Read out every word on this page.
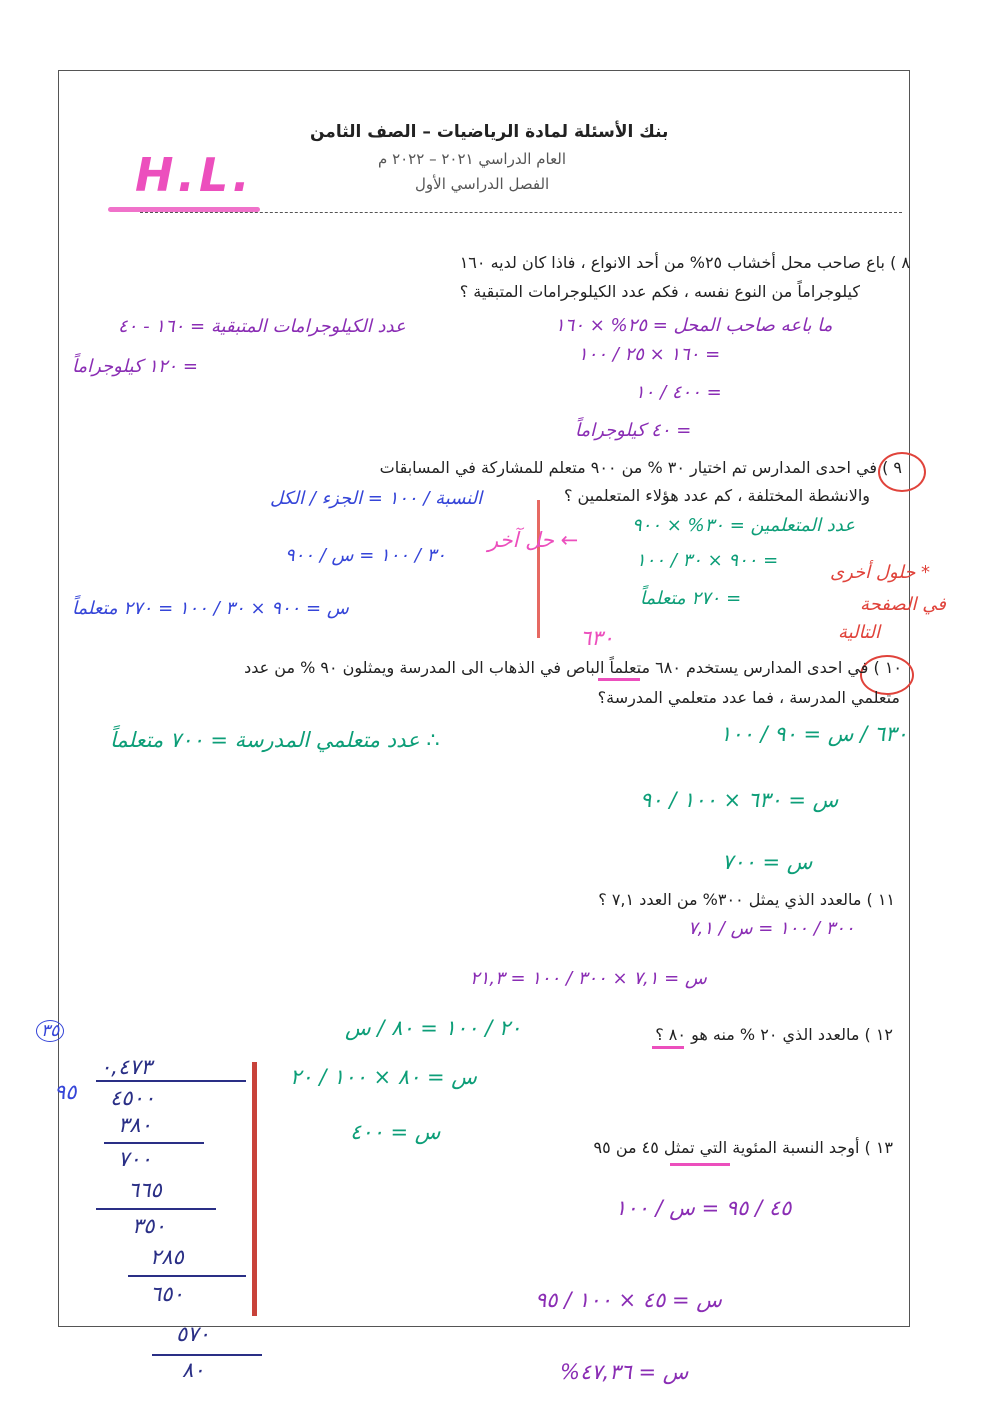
بنك الأسئلة لمادة الرياضيات – الصف الثامن
العام الدراسي ٢٠٢١ – ٢٠٢٢ م
الفصل الدراسي الأول
H.L.
٨ ) باع صاحب محل أخشاب ٢٥% من أحد الانواع ، فاذا كان لديه ١٦٠
كيلوجراماً من النوع نفسه ، فكم عدد الكيلوجرامات المتبقية ؟
ما باعه صاحب المحل = ٢٥% × ١٦٠
١٦٠ × ٢٥ / ١٠٠ =
٤٠٠ / ١٠ =
= ٤٠ كيلوجراماً
عدد الكيلوجرامات المتبقية = ١٦٠ - ٤٠
= ١٢٠ كيلوجراماً
٩ ) في احدى المدارس تم اختيار ٣٠ % من ٩٠٠ متعلم للمشاركة في المسابقات
والانشطة المختلفة ، كم عدد هؤلاء المتعلمين ؟
النسبة / ١٠٠ = الجزء / الكل
٣٠ / ١٠٠ = س / ٩٠٠
س = ٩٠٠ × ٣٠ / ١٠٠ = ٢٧٠ متعلماً
← حل آخر
عدد المتعلمين = ٣٠% × ٩٠٠
٩٠٠ × ٣٠ / ١٠٠ =
= ٢٧٠ متعلماً
* حلول أخرى
في الصفحة
التالية
٦٣٠
١٠ ) في احدى المدارس يستخدم ٦٨٠ متعلماً الباص في الذهاب الى المدرسة ويمثلون ٩٠ % من عدد
متعلمي المدرسة ، فما عدد متعلمي المدرسة؟
٦٣٠ / س = ٩٠ / ١٠٠
س = ٦٣٠ × ١٠٠ / ٩٠
س = ٧٠٠
∴ عدد متعلمي المدرسة = ٧٠٠ متعلماً
١١ ) مالعدد الذي يمثل ٣٠٠% من العدد ٧,١ ؟
٣٠٠ / ١٠٠ = س / ٧,١
س = ٧,١ × ٣٠٠ / ١٠٠ = ٢١,٣
١٢ ) مالعدد الذي ٢٠ % منه هو ٨٠ ؟
٢٠ / ١٠٠ = ٨٠ / س
س = ٨٠ × ١٠٠ / ٢٠
س = ٤٠٠
١٣ ) أوجد النسبة المئوية التي تمثل ٤٥ من ٩٥
٤٥ / ٩٥ = س / ١٠٠
س = ٤٥ × ١٠٠ / ٩٥
س = ٤٧,٣٦%
٣٥
٠,٤٧٣
٩٥ ٤٥٠٠
٣٨٠
٧٠٠
٦٦٥
٣٥٠
٢٨٥
٦٥٠
٥٧٠
٨٠
